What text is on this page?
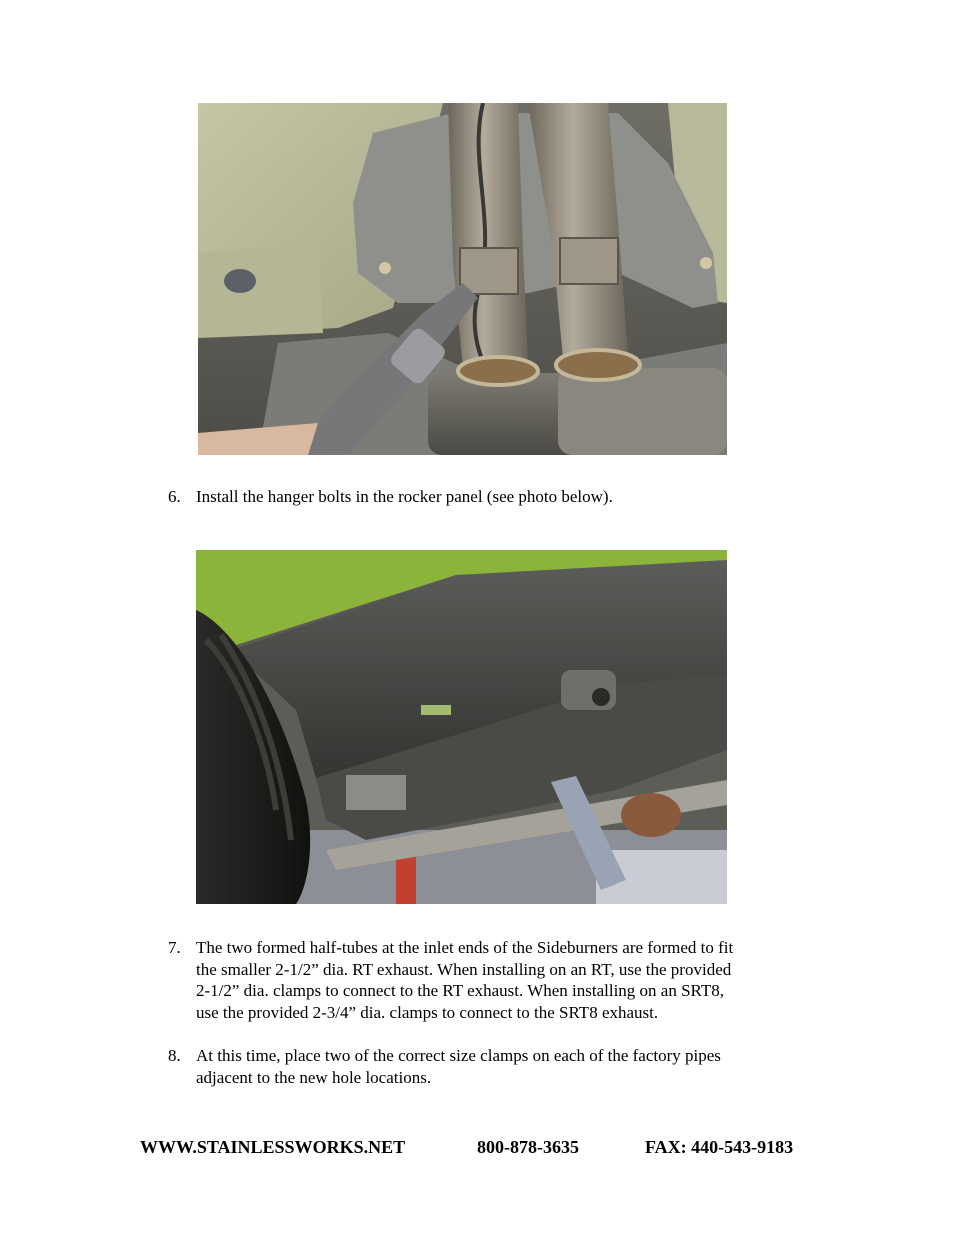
6. Install the hanger bolts in the rocker panel (see photo below).
7. The two formed half-tubes at the inlet ends of the Sideburners are formed to fit
the smaller 2-1/2” dia. RT exhaust. When installing on an RT, use the provided
2-1/2” dia. clamps to connect to the RT exhaust. When installing on an SRT8,
use the provided 2-3/4” dia. clamps to connect to the SRT8 exhaust.
8. At this time, place two of the correct size clamps on each of the factory pipes
adjacent to the new hole locations.
WWW.STAINLESSWORKS.NET	800-878-3635	FAX: 440-543-9183
